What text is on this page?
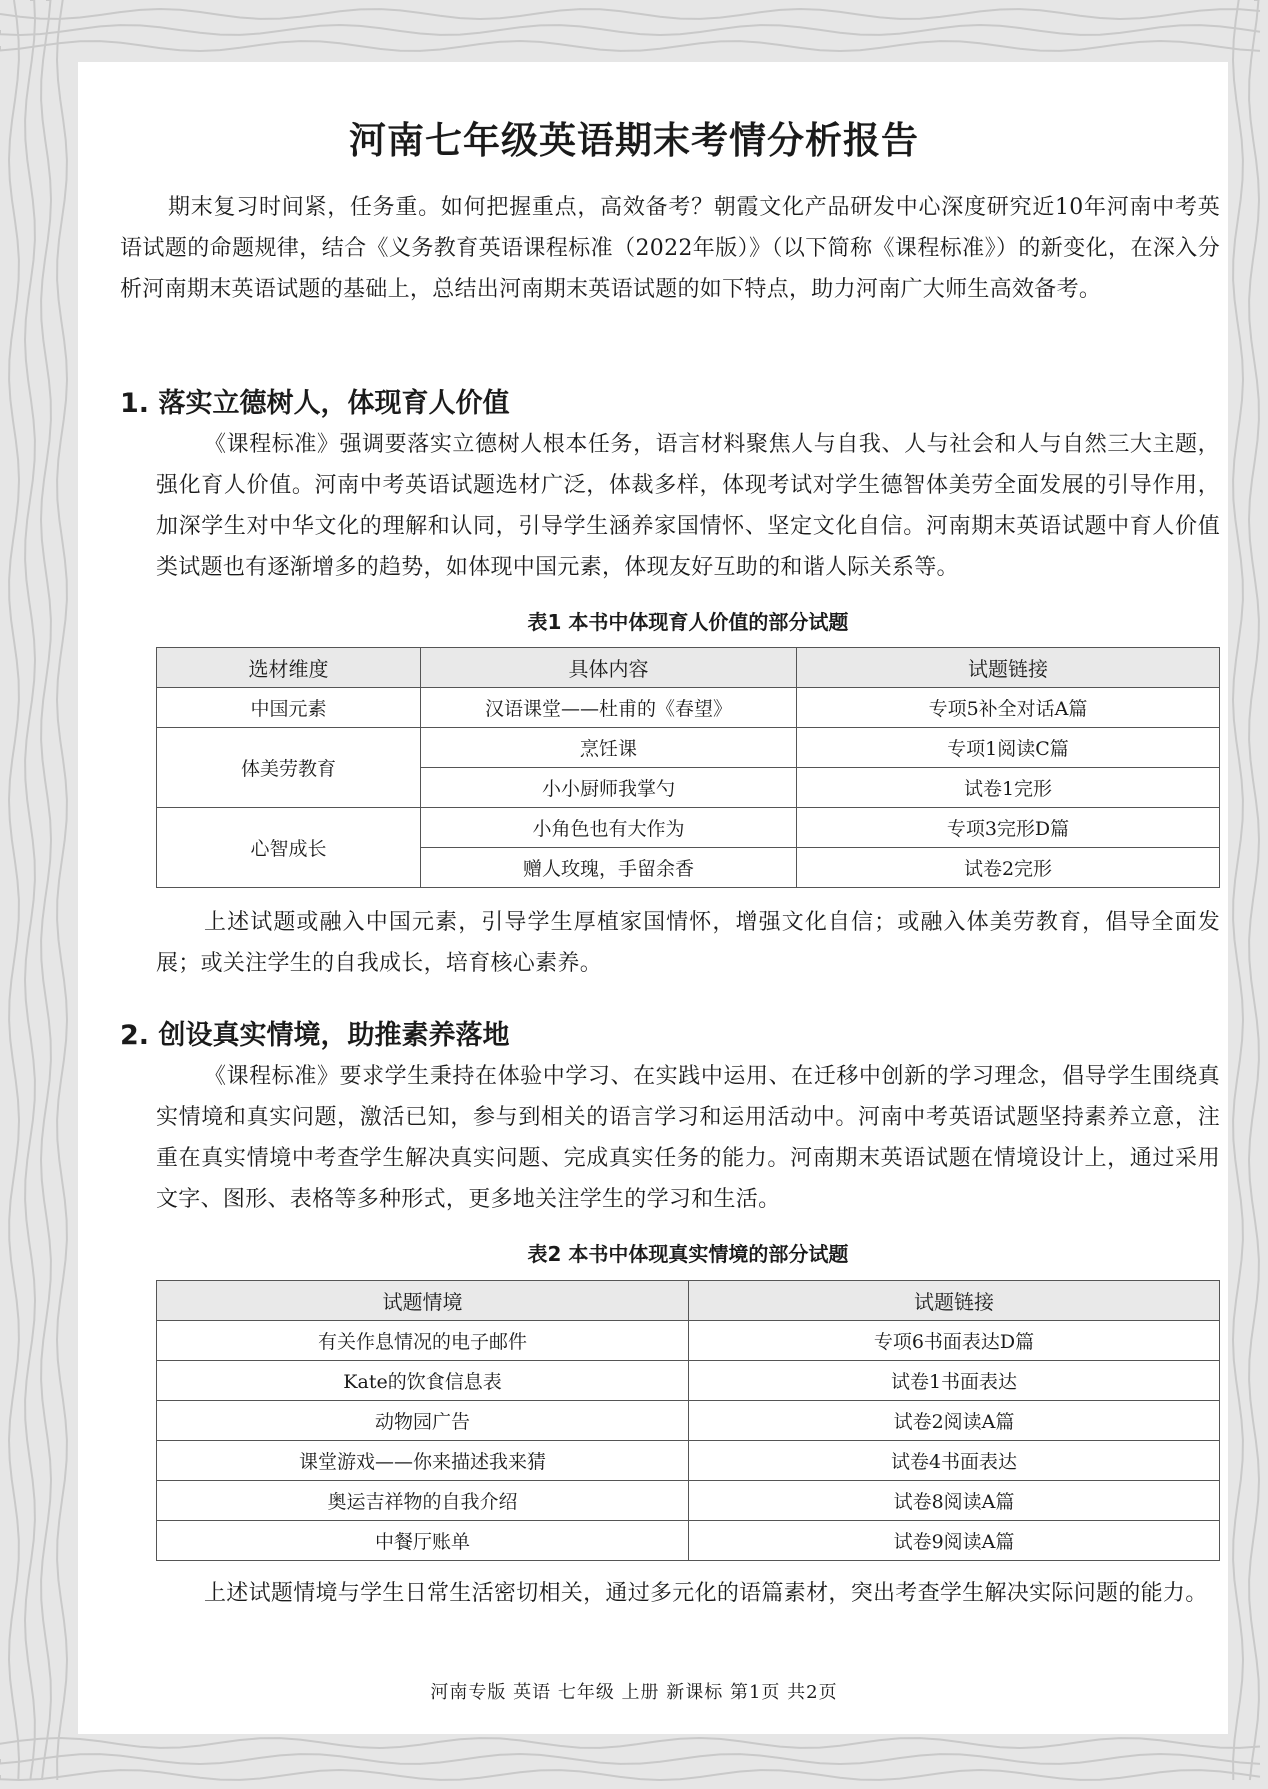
河南七年级英语期末考情分析报告

期末复习时间紧，任务重。如何把握重点，高效备考？朝霞文化产品研发中心深度研究近10年河南中考英语试题的命题规律，结合《义务教育英语课程标准（2022年版）》（以下简称《课程标准》）的新变化，在深入分析河南期末英语试题的基础上，总结出河南期末英语试题的如下特点，助力河南广大师生高效备考。

1. 落实立德树人，体现育人价值

《课程标准》强调要落实立德树人根本任务，语言材料聚焦人与自我、人与社会和人与自然三大主题，强化育人价值。河南中考英语试题选材广泛，体裁多样，体现考试对学生德智体美劳全面发展的引导作用，加深学生对中华文化的理解和认同，引导学生涵养家国情怀、坚定文化自信。河南期末英语试题中育人价值类试题也有逐渐增多的趋势，如体现中国元素，体现友好互助的和谐人际关系等。

表1 本书中体现育人价值的部分试题

选材维度	具体内容	试题链接
中国元素	汉语课堂——杜甫的《春望》	专项5补全对话A篇
体美劳教育	烹饪课	专项1阅读C篇
	小小厨师我掌勺	试卷1完形
心智成长	小角色也有大作为	专项3完形D篇
	赠人玫瑰，手留余香	试卷2完形

上述试题或融入中国元素，引导学生厚植家国情怀，增强文化自信；或融入体美劳教育，倡导全面发展；或关注学生的自我成长，培育核心素养。

2. 创设真实情境，助推素养落地

《课程标准》要求学生秉持在体验中学习、在实践中运用、在迁移中创新的学习理念，倡导学生围绕真实情境和真实问题，激活已知，参与到相关的语言学习和运用活动中。河南中考英语试题坚持素养立意，注重在真实情境中考查学生解决真实问题、完成真实任务的能力。河南期末英语试题在情境设计上，通过采用文字、图形、表格等多种形式，更多地关注学生的学习和生活。

表2 本书中体现真实情境的部分试题

试题情境	试题链接
有关作息情况的电子邮件	专项6书面表达D篇
Kate的饮食信息表	试卷1书面表达
动物园广告	试卷2阅读A篇
课堂游戏——你来描述我来猜	试卷4书面表达
奥运吉祥物的自我介绍	试卷8阅读A篇
中餐厅账单	试卷9阅读A篇

上述试题情境与学生日常生活密切相关，通过多元化的语篇素材，突出考查学生解决实际问题的能力。

河南专版 英语 七年级 上册 新课标 第1页 共2页
